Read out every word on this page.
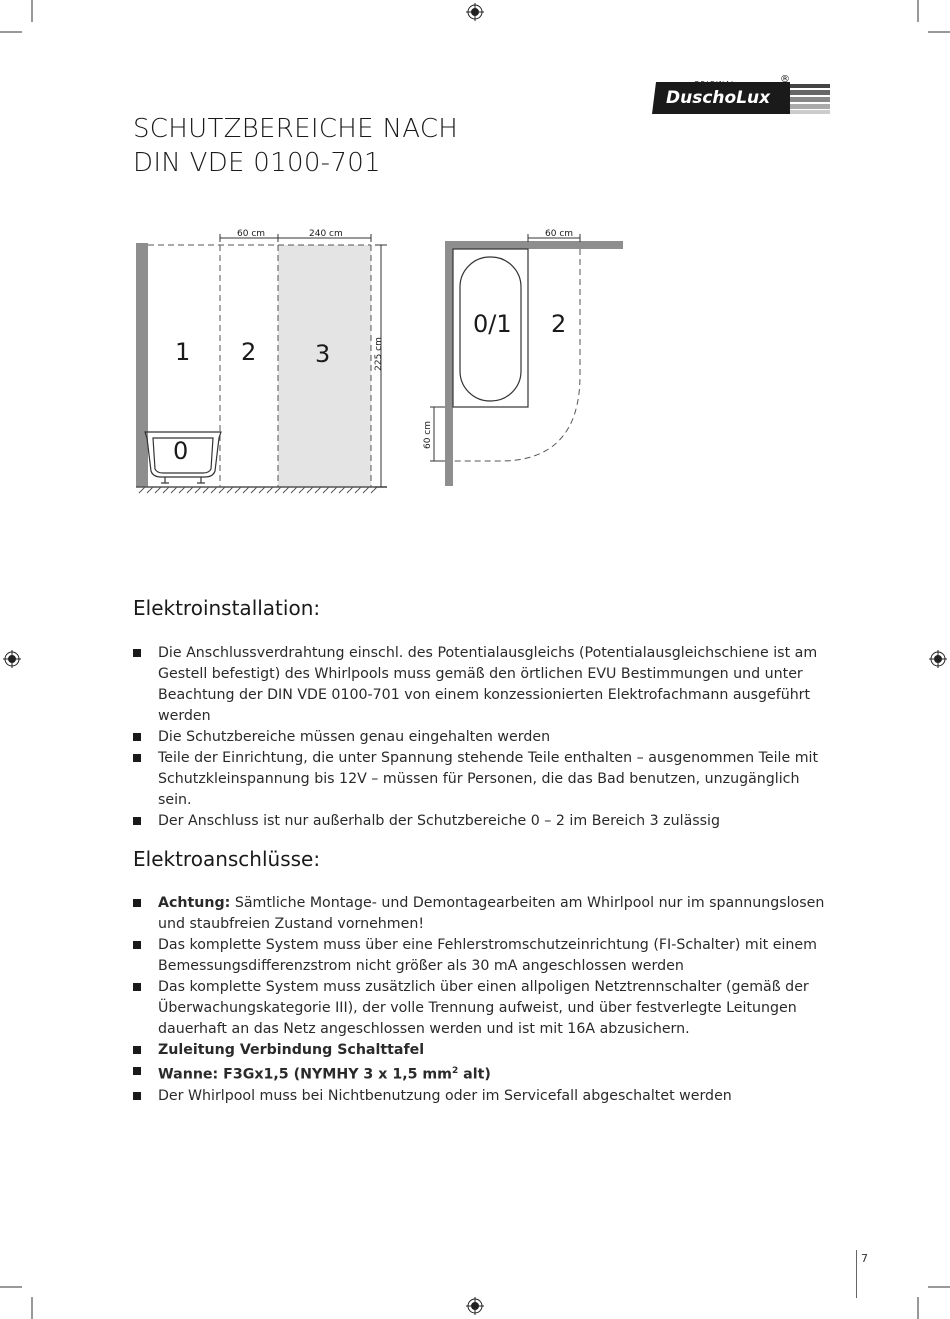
ORIGINAL
DuschoLux
®
SCHUTZBEREICHE NACH
DIN VDE 0100-701
60 cm	240 cm
225 cm
1 2 3
0
60 cm
60 cm
0/1 2
Elektroinstallation:
Die Anschlussverdrahtung einschl. des Potentialausgleichs (Potentialausgleichschiene ist am Gestell befestigt) des Whirlpools muss gemäß den örtlichen EVU Bestimmungen und unter Beachtung der DIN VDE 0100-701 von einem konzessionierten Elektrofachmann ausgeführt werden
Die Schutzbereiche müssen genau eingehalten werden
Teile der Einrichtung, die unter Spannung stehende Teile enthalten – ausgenommen Teile mit Schutzkleinspannung bis 12V – müssen für Personen, die das Bad benutzen, unzugänglich sein.
Der Anschluss ist nur außerhalb der Schutzbereiche 0 – 2 im Bereich 3 zulässig
Elektroanschlüsse:
Achtung: Sämtliche Montage- und Demontagearbeiten am Whirlpool nur im spannungslosen und staubfreien Zustand vornehmen!
Das komplette System muss über eine Fehlerstromschutzeinrichtung (FI-Schalter) mit einem Bemessungsdifferenzstrom nicht größer als 30 mA angeschlossen werden
Das komplette System muss zusätzlich über einen allpoligen Netztrennschalter (gemäß der Überwachungskategorie III), der volle Trennung aufweist, und über festverlegte Leitungen dauerhaft an das Netz angeschlossen werden und ist mit 16A abzusichern.
Zuleitung Verbindung Schalttafel
Wanne: F3Gx1,5 (NYMHY 3 x 1,5 $mm^2$ alt)
Der Whirlpool muss bei Nichtbenutzung oder im Servicefall abgeschaltet werden
7
